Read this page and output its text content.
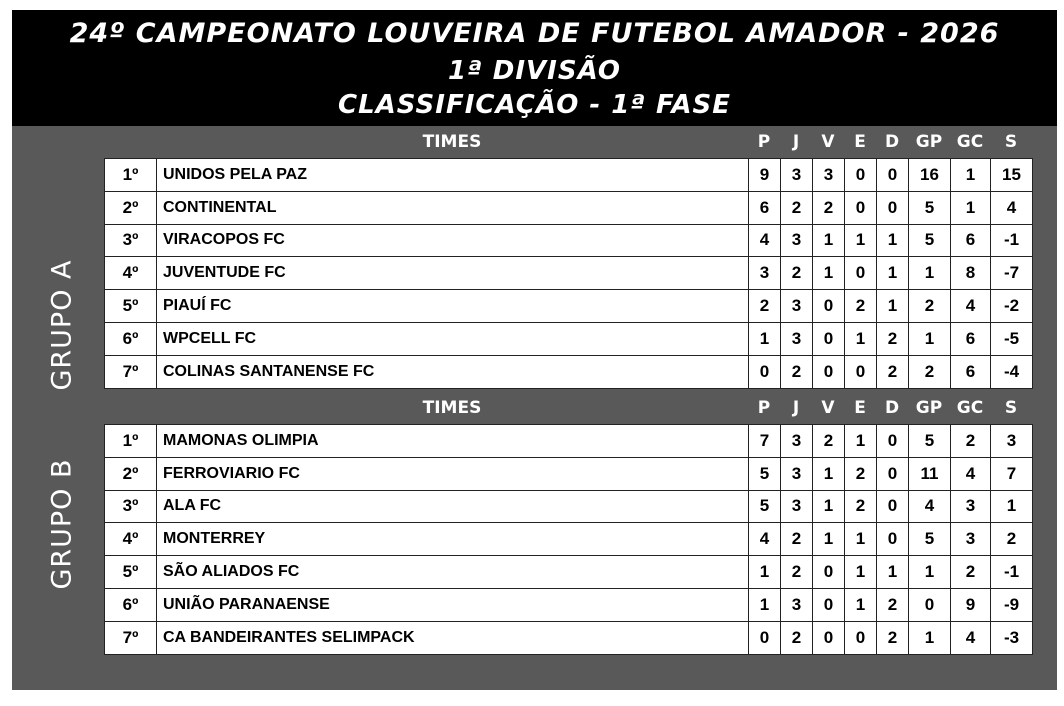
24º CAMPEONATO LOUVEIRA DE FUTEBOL AMADOR - 2026
1ª DIVISÃO
CLASSIFICAÇÃO - 1ª FASE
GRUPO A
TIMES	P	J	V	E	D GP GC	S
1º	UNIDOS PELA PAZ	9	3	3	0	0	16	1	15
2º	CONTINENTAL	6	2	2	0	0	5	1	4
3º	VIRACOPOS FC	4	3	1	1	1	5	6	-1
4º	JUVENTUDE FC	3	2	1	0	1	1	8	-7
5º	PIAUÍ FC	2	3	0	2	1	2	4	-2
6º	WPCELL FC	1	3	0	1	2	1	6	-5
7º	COLINAS SANTANENSE FC	0	2	0	0	2	2	6	-4
GRUPO B
TIMES	P	J	V	E	D GP GC	S
1º	MAMONAS OLIMPIA	7	3	2	1	0	5	2	3
2º	FERROVIARIO FC	5	3	1	2	0	11	4	7
3º	ALA FC	5	3	1	2	0	4	3	1
4º	MONTERREY	4	2	1	1	0	5	3	2
5º	SÃO ALIADOS FC	1	2	0	1	1	1	2	-1
6º	UNIÃO PARANAENSE	1	3	0	1	2	0	9	-9
7º	CA BANDEIRANTES SELIMPACK	0	2	0	0	2	1	4	-3
